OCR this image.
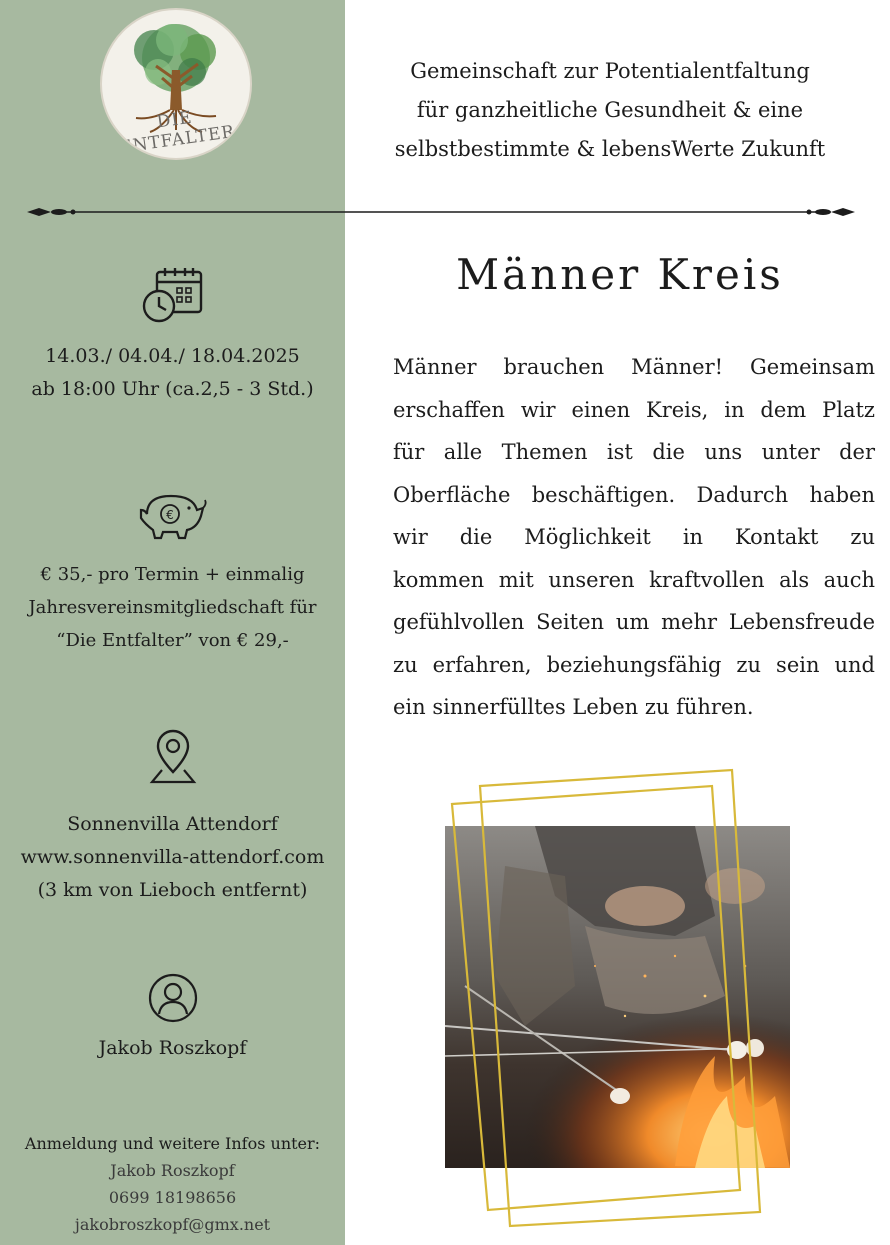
DIE ENTFALTER
Gemeinschaft zur Potentialentfaltung
für ganzheitliche Gesundheit & eine
selbstbestimmte & lebensWerte Zukunft
14.03./ 04.04./ 18.04.2025
ab 18:00 Uhr (ca.2,5 - 3 Std.)
€
€ 35,- pro Termin + einmalig
Jahresvereinsmitgliedschaft für
“Die Entfalter” von € 29,-
Sonnenvilla Attendorf
www.sonnenvilla-attendorf.com
(3 km von Lieboch entfernt)
Jakob Roszkopf
Anmeldung und weitere Infos unter:
Jakob Roszkopf
0699 18198656
jakobroszkopf@gmx.net
Männer Kreis
Männer brauchen Männer! Gemeinsam
erschaffen wir einen Kreis, in dem Platz
für alle Themen ist die uns unter der
Oberfläche beschäftigen. Dadurch haben
wir die Möglichkeit in Kontakt zu
kommen mit unseren kraftvollen als auch
gefühlvollen Seiten um mehr Lebensfreude
zu erfahren, beziehungsfähig zu sein und
ein sinnerfülltes Leben zu führen.
